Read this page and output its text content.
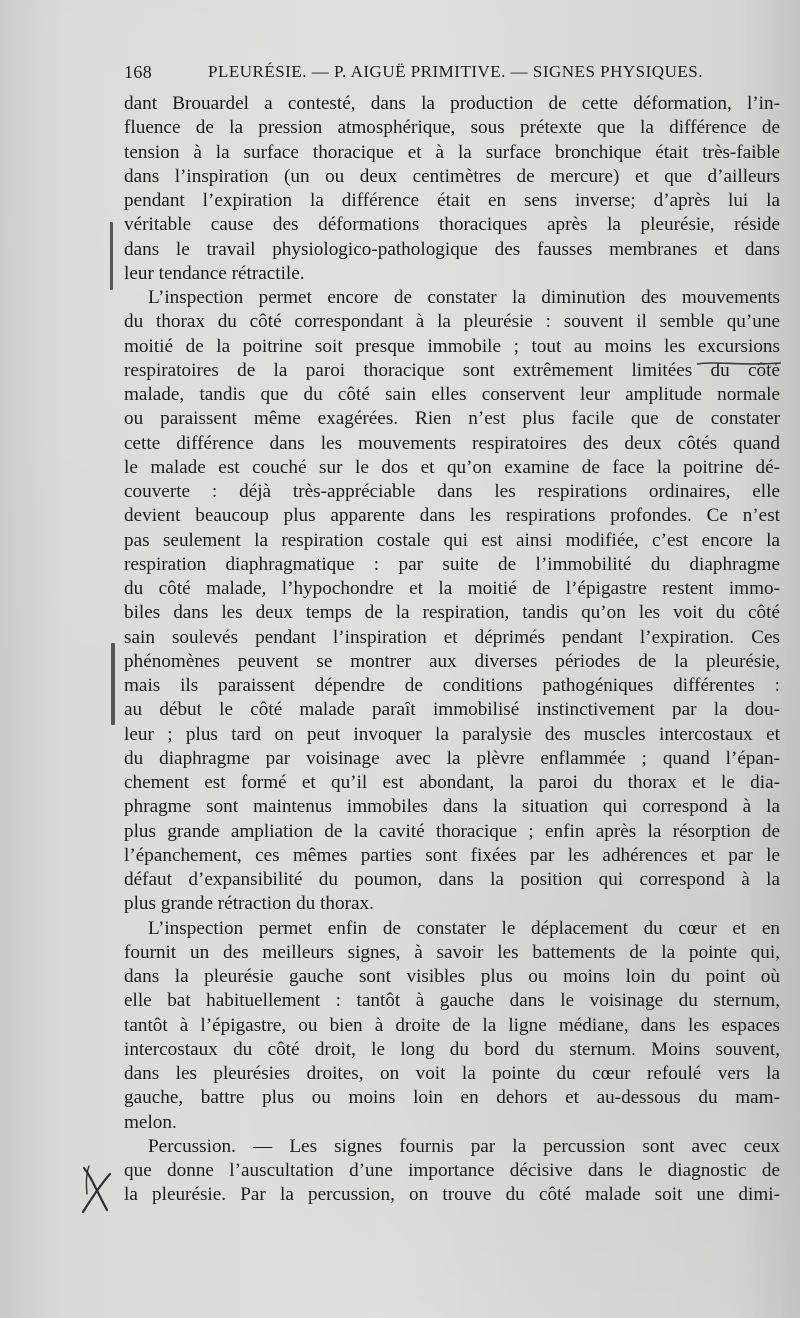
168	PLEURÉSIE. — P. AIGUË PRIMITIVE. — SIGNES PHYSIQUES.
dant Brouardel a contesté, dans la production de cette déformation, l’in-
fluence de la pression atmosphérique, sous prétexte que la différence de
tension à la surface thoracique et à la surface bronchique était très-faible
dans l’inspiration (un ou deux centimètres de mercure) et que d’ailleurs
pendant l’expiration la différence était en sens inverse; d’après lui la
véritable cause des déformations thoraciques après la pleurésie, réside
dans le travail physiologico-pathologique des fausses membranes et dans
leur tendance rétractile.
L’inspection permet encore de constater la diminution des mouvements
du thorax du côté correspondant à la pleurésie : souvent il semble qu’une
moitié de la poitrine soit presque immobile ; tout au moins les excursions
respiratoires de la paroi thoracique sont extrêmement limitées du côté
malade, tandis que du côté sain elles conservent leur amplitude normale
ou paraissent même exagérées. Rien n’est plus facile que de constater
cette différence dans les mouvements respiratoires des deux côtés quand
le malade est couché sur le dos et qu’on examine de face la poitrine dé-
couverte : déjà très-appréciable dans les respirations ordinaires, elle
devient beaucoup plus apparente dans les respirations profondes. Ce n’est
pas seulement la respiration costale qui est ainsi modifiée, c’est encore la
respiration diaphragmatique : par suite de l’immobilité du diaphragme
du côté malade, l’hypochondre et la moitié de l’épigastre restent immo-
biles dans les deux temps de la respiration, tandis qu’on les voit du côté
sain soulevés pendant l’inspiration et déprimés pendant l’expiration. Ces
phénomènes peuvent se montrer aux diverses périodes de la pleurésie,
mais ils paraissent dépendre de conditions pathogéniques différentes :
au début le côté malade paraît immobilisé instinctivement par la dou-
leur ; plus tard on peut invoquer la paralysie des muscles intercostaux et
du diaphragme par voisinage avec la plèvre enflammée ; quand l’épan-
chement est formé et qu’il est abondant, la paroi du thorax et le dia-
phragme sont maintenus immobiles dans la situation qui correspond à la
plus grande ampliation de la cavité thoracique ; enfin après la résorption de
l’épanchement, ces mêmes parties sont fixées par les adhérences et par le
défaut d’expansibilité du poumon, dans la position qui correspond à la
plus grande rétraction du thorax.
L’inspection permet enfin de constater le déplacement du cœur et en
fournit un des meilleurs signes, à savoir les battements de la pointe qui,
dans la pleurésie gauche sont visibles plus ou moins loin du point où
elle bat habituellement : tantôt à gauche dans le voisinage du sternum,
tantôt à l’épigastre, ou bien à droite de la ligne médiane, dans les espaces
intercostaux du côté droit, le long du bord du sternum. Moins souvent,
dans les pleurésies droites, on voit la pointe du cœur refoulé vers la
gauche, battre plus ou moins loin en dehors et au-dessous du mam-
melon.
Percussion. — Les signes fournis par la percussion sont avec ceux
que donne l’auscultation d’une importance décisive dans le diagnostic de
la pleurésie. Par la percussion, on trouve du côté malade soit une dimi-
